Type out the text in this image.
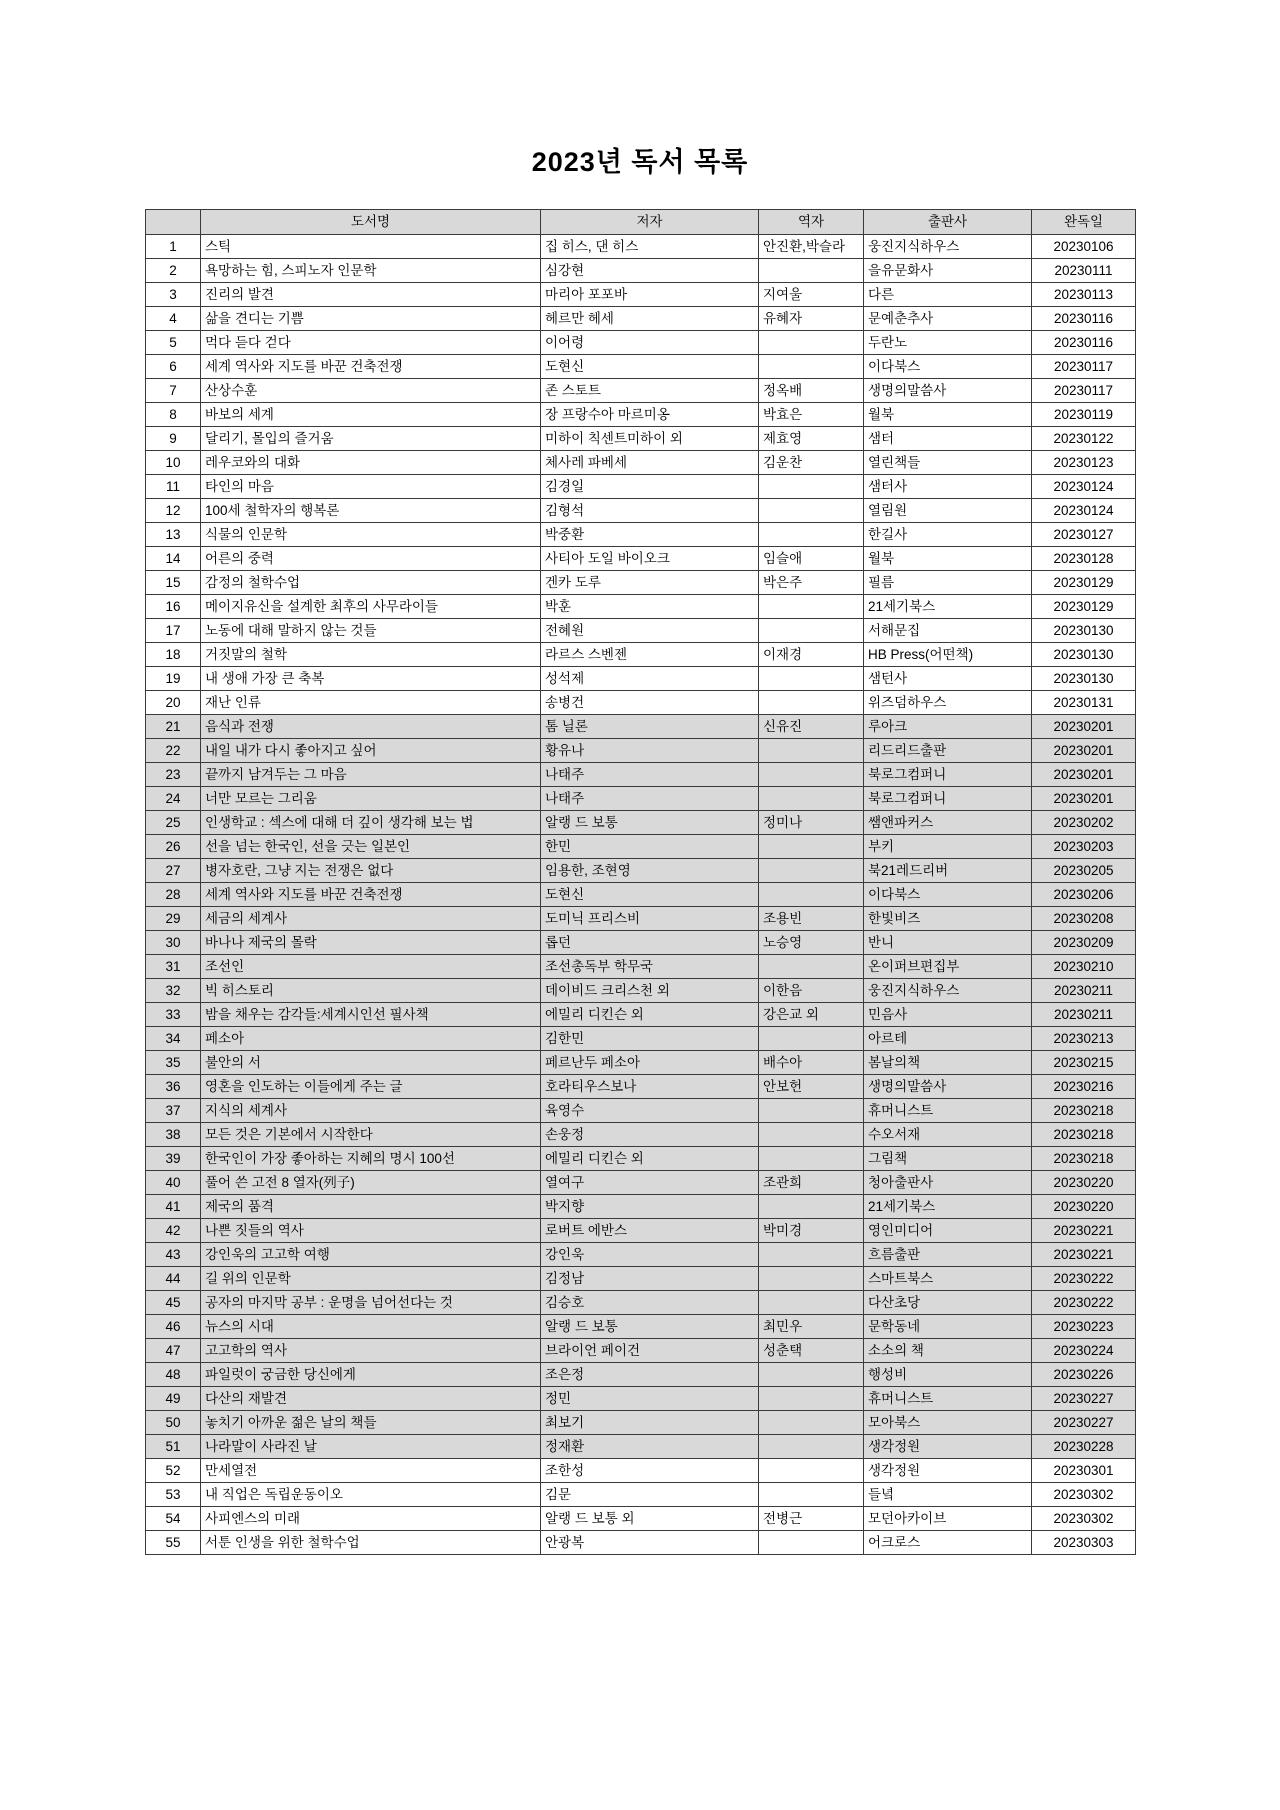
2023년 독서 목록
	도서명	저자	역자	출판사	완독일
1	스틱	집 히스, 댄 히스	안진환,박슬라	웅진지식하우스	20230106
2	욕망하는 힘, 스피노자 인문학	심강현		을유문화사	20230111
3	진리의 발견	마리아 포포바	지여울	다른	20230113
4	삶을 견디는 기쁨	헤르만 헤세	유혜자	문예춘추사	20230116
5	먹다 듣다 걷다	이어령		두란노	20230116
6	세계 역사와 지도를 바꾼 건축전쟁	도현신		이다북스	20230117
7	산상수훈	존 스토트	정옥배	생명의말씀사	20230117
8	바보의 세계	장 프랑수아 마르미옹	박효은	월북	20230119
9	달리기, 몰입의 즐거움	미하이 칙센트미하이 외	제효영	샘터	20230122
10	레우코와의 대화	체사레 파베세	김운찬	열린책들	20230123
11	타인의 마음	김경일		샘터사	20230124
12	100세 철학자의 행복론	김형석		열림원	20230124
13	식물의 인문학	박중환		한길사	20230127
14	어른의 중력	사티아 도일 바이오크	임슬애	월북	20230128
15	감정의 철학수업	겐카 도루	박은주	필름	20230129
16	메이지유신을 설계한 최후의 사무라이들	박훈		21세기북스	20230129
17	노동에 대해 말하지 않는 것들	전혜원		서해문집	20230130
18	거짓말의 철학	라르스 스벤젠	이재경	HB Press(어떤책)	20230130
19	내 생애 가장 큰 축복	성석제		샘턴사	20230130
20	재난 인류	송병건		위즈덤하우스	20230131
21	음식과 전쟁	톰 닐론	신유진	루아크	20230201
22	내일 내가 다시 좋아지고 싶어	황유나		리드리드출판	20230201
23	끝까지 남겨두는 그 마음	나태주		북로그컴퍼니	20230201
24	너만 모르는 그리움	나태주		북로그컴퍼니	20230201
25	인생학교 : 섹스에 대해 더 깊이 생각해 보는 법	알랭 드 보통	정미나	쌤앤파커스	20230202
26	선을 넘는 한국인, 선을 긋는 일본인	한민		부키	20230203
27	병자호란, 그냥 지는 전쟁은 없다	임용한, 조현영		북21레드리버	20230205
28	세계 역사와 지도를 바꾼 건축전쟁	도현신		이다북스	20230206
29	세금의 세계사	도미닉 프리스비	조용빈	한빛비즈	20230208
30	바나나 제국의 몰락	롭던	노승영	반니	20230209
31	조선인	조선총독부 학무국		온이퍼브편집부	20230210
32	빅 히스토리	데이비드 크리스천 외	이한음	웅진지식하우스	20230211
33	밤을 채우는 감각들:세계시인선 필사책	에밀리 디킨슨 외	강은교 외	민음사	20230211
34	페소아	김한민		아르테	20230213
35	불안의 서	페르난두 페소아	배수아	봄날의책	20230215
36	영혼을 인도하는 이들에게 주는 글	호라티우스보나	안보헌	생명의말씀사	20230216
37	지식의 세계사	육영수		휴머니스트	20230218
38	모든 것은 기본에서 시작한다	손웅정		수오서재	20230218
39	한국인이 가장 좋아하는 지혜의 명시 100선	에밀리 디킨슨 외		그림책	20230218
40	풀어 쓴 고전 8 열자(列子)	열여구	조관희	청아출판사	20230220
41	제국의 품격	박지향		21세기북스	20230220
42	나쁜 짓들의 역사	로버트 에반스	박미경	영인미디어	20230221
43	강인욱의 고고학 여행	강인욱		흐름출판	20230221
44	길 위의 인문학	김정남		스마트북스	20230222
45	공자의 마지막 공부 : 운명을 넘어선다는 것	김승호		다산초당	20230222
46	뉴스의 시대	알랭 드 보통	최민우	문학동네	20230223
47	고고학의 역사	브라이언 페이건	성춘택	소소의 책	20230224
48	파일럿이 궁금한 당신에게	조은정		행성비	20230226
49	다산의 재발견	정민		휴머니스트	20230227
50	놓치기 아까운 젊은 날의 책들	최보기		모아북스	20230227
51	나라말이 사라진 날	정재환		생각정원	20230228
52	만세열전	조한성		생각정원	20230301
53	내 직업은 독립운동이오	김문		들녘	20230302
54	사피엔스의 미래	알랭 드 보통 외	전병근	모던아카이브	20230302
55	서툰 인생을 위한 철학수업	안광복		어크로스	20230303
